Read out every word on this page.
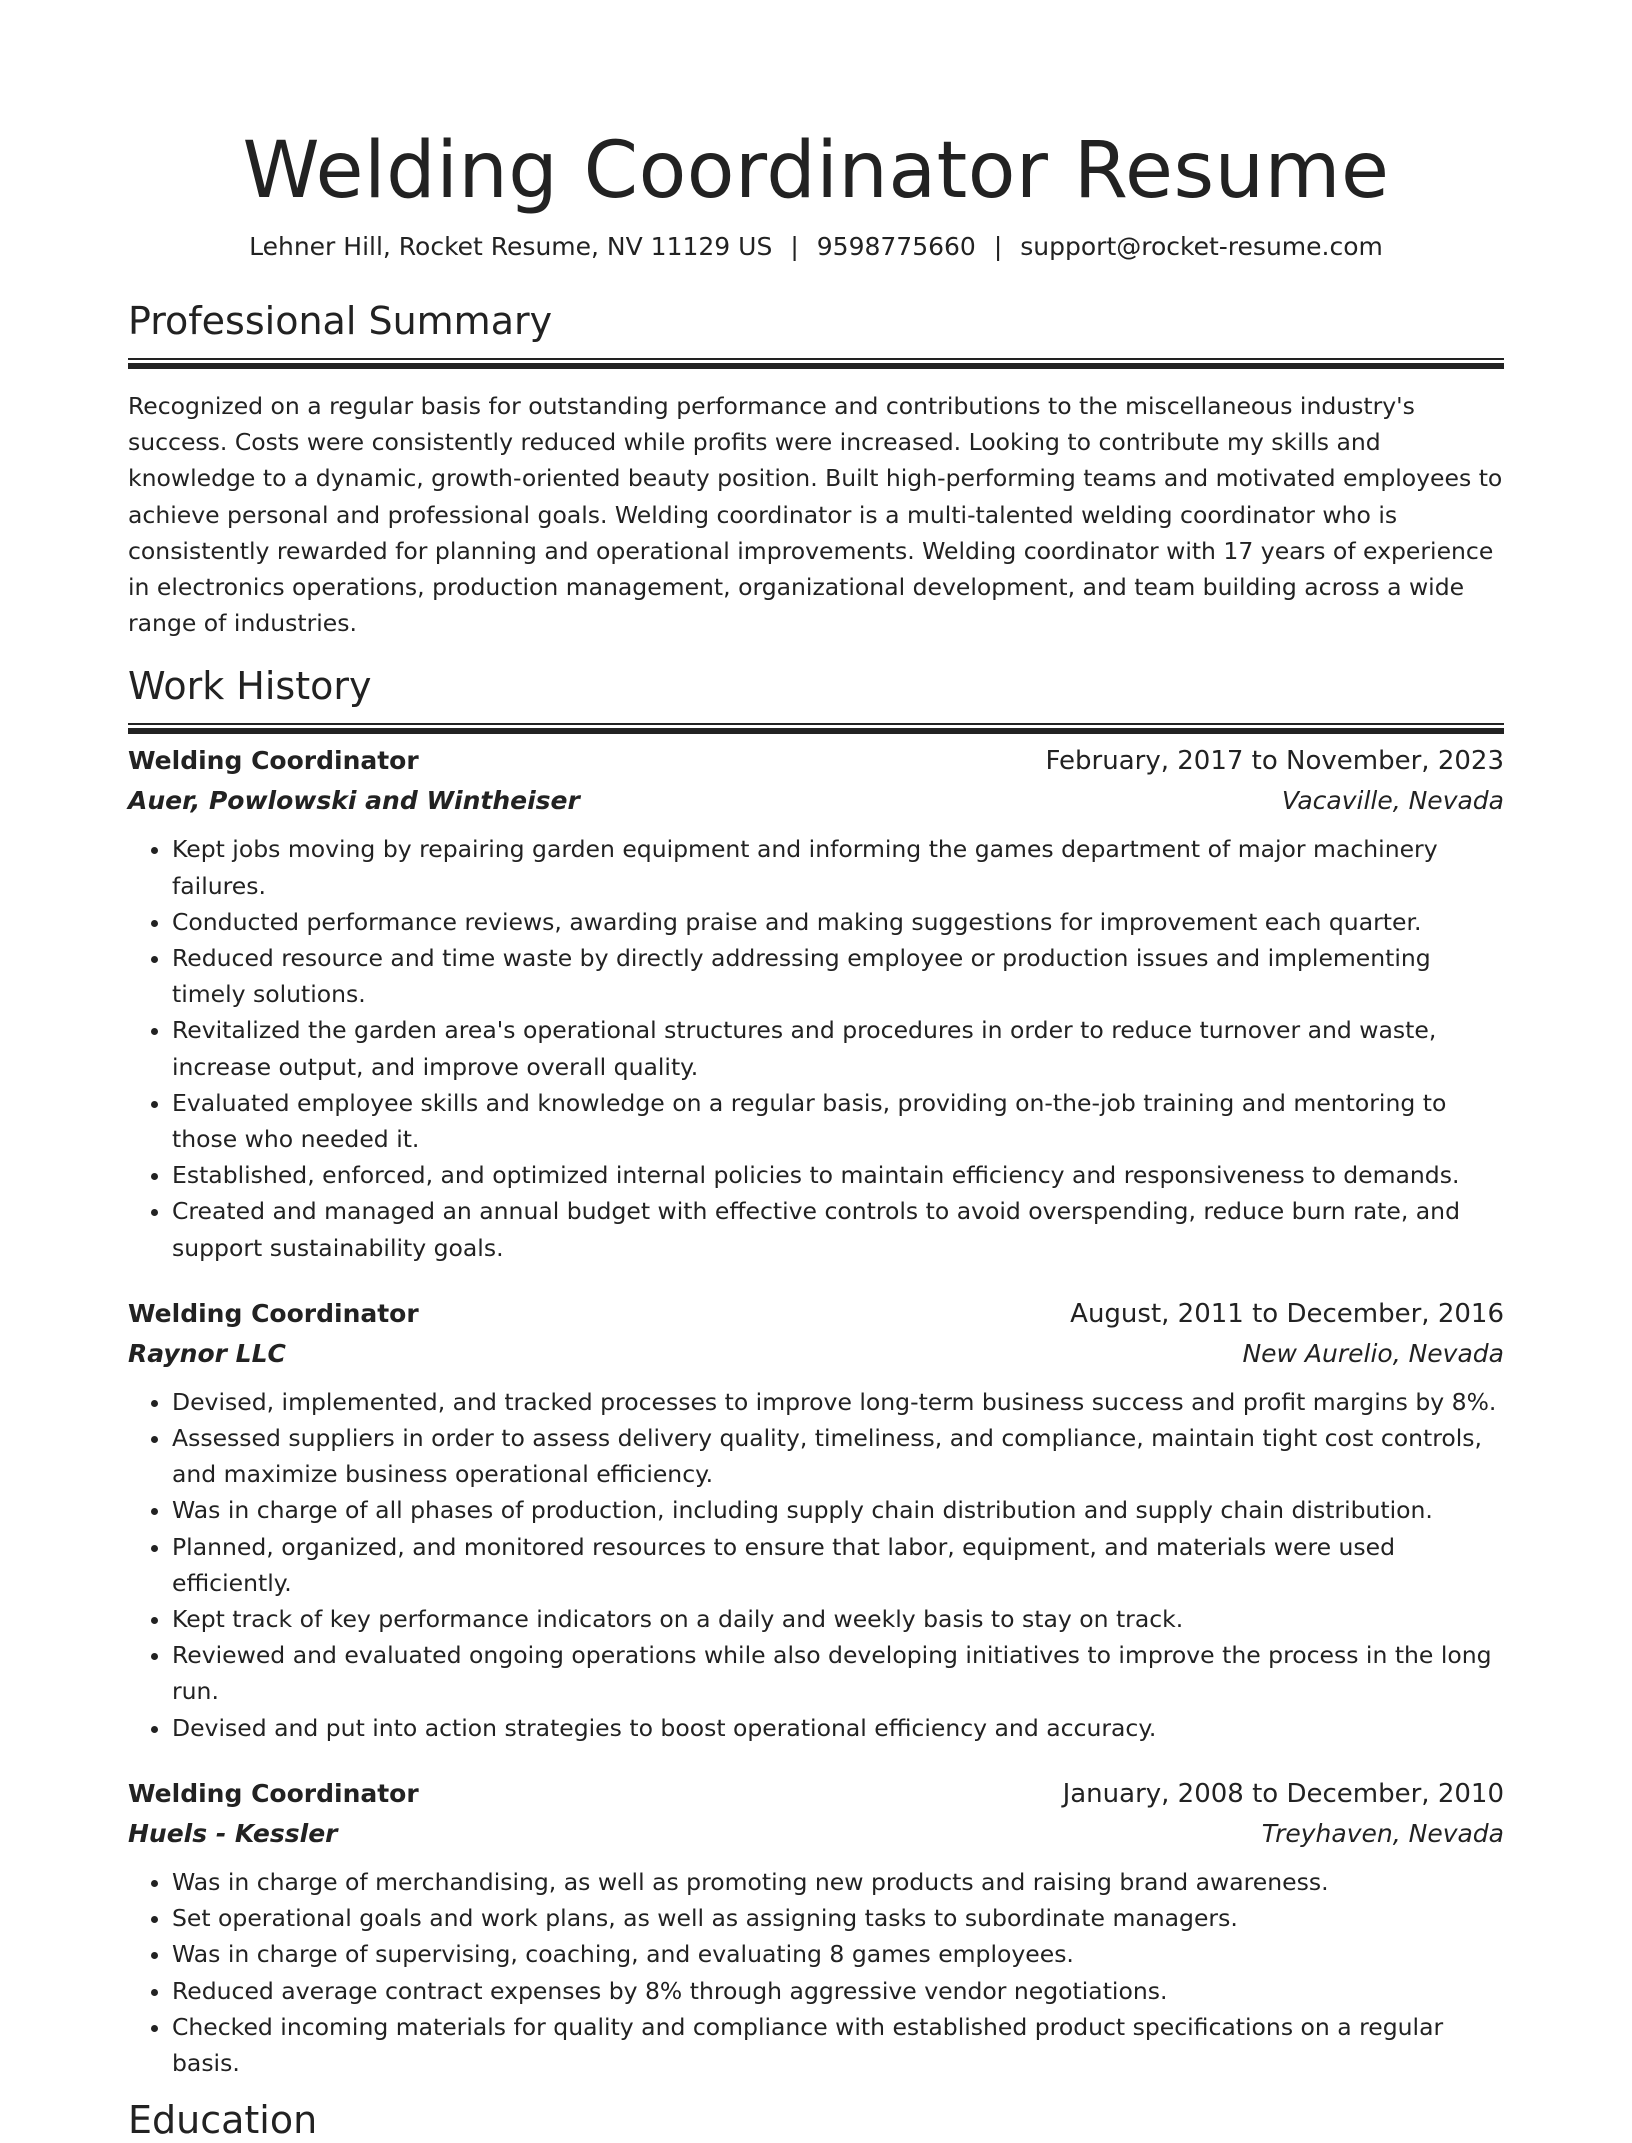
Welding Coordinator Resume
Lehner Hill, Rocket Resume, NV 11129 US | 9598775660 | support@rocket-resume.com
Professional Summary
Recognized on a regular basis for outstanding performance and contributions to the miscellaneous industry's success. Costs were consistently reduced while profits were increased. Looking to contribute my skills and knowledge to a dynamic, growth-oriented beauty position. Built high-performing teams and motivated employees to achieve personal and professional goals. Welding coordinator is a multi-talented welding coordinator who is consistently rewarded for planning and operational improvements. Welding coordinator with 17 years of experience in electronics operations, production management, organizational development, and team building across a wide range of industries.
Work History
Welding Coordinator	February, 2017 to November, 2023
Auer, Powlowski and Wintheiser	Vacaville, Nevada
• Kept jobs moving by repairing garden equipment and informing the games department of major machinery failures.
• Conducted performance reviews, awarding praise and making suggestions for improvement each quarter.
• Reduced resource and time waste by directly addressing employee or production issues and implementing timely solutions.
• Revitalized the garden area's operational structures and procedures in order to reduce turnover and waste, increase output, and improve overall quality.
• Evaluated employee skills and knowledge on a regular basis, providing on-the-job training and mentoring to those who needed it.
• Established, enforced, and optimized internal policies to maintain efficiency and responsiveness to demands.
• Created and managed an annual budget with effective controls to avoid overspending, reduce burn rate, and support sustainability goals.
Welding Coordinator	August, 2011 to December, 2016
Raynor LLC	New Aurelio, Nevada
• Devised, implemented, and tracked processes to improve long-term business success and profit margins by 8%.
• Assessed suppliers in order to assess delivery quality, timeliness, and compliance, maintain tight cost controls, and maximize business operational efficiency.
• Was in charge of all phases of production, including supply chain distribution and supply chain distribution.
• Planned, organized, and monitored resources to ensure that labor, equipment, and materials were used efficiently.
• Kept track of key performance indicators on a daily and weekly basis to stay on track.
• Reviewed and evaluated ongoing operations while also developing initiatives to improve the process in the long run.
• Devised and put into action strategies to boost operational efficiency and accuracy.
Welding Coordinator	January, 2008 to December, 2010
Huels - Kessler	Treyhaven, Nevada
• Was in charge of merchandising, as well as promoting new products and raising brand awareness.
• Set operational goals and work plans, as well as assigning tasks to subordinate managers.
• Was in charge of supervising, coaching, and evaluating 8 games employees.
• Reduced average contract expenses by 8% through aggressive vendor negotiations.
• Checked incoming materials for quality and compliance with established product specifications on a regular basis.
Education
